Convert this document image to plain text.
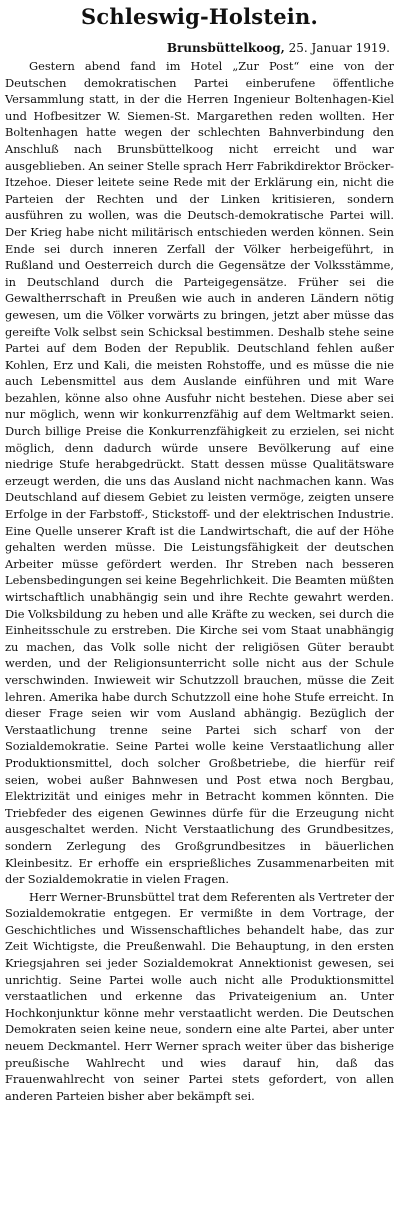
Schleswig-Holstein.
Brunsbüttelkoog, 25. Januar 1919.

Gestern abend fand im Hotel „Zur Post“ eine von der Deutschen demokratischen Partei einberufene öffentliche Versammlung statt, in der die Herren Ingenieur Boltenhagen-Kiel und Hofbesitzer W. Siemen-St. Margarethen reden wollten. Her Boltenhagen hatte wegen der schlechten Bahnverbindung den Anschluß nach Brunsbüttelkoog nicht erreicht und war ausgeblieben. An seiner Stelle sprach Herr Fabrikdirektor Bröcker-Itzehoe. Dieser leitete seine Rede mit der Erklärung ein, nicht die Parteien der Rechten und der Linken kritisieren, sondern ausführen zu wollen, was die Deutsch-demokratische Partei will. Der Krieg habe nicht militärisch entschieden werden können. Sein Ende sei durch inneren Zerfall der Völker herbeigeführt, in Rußland und Oesterreich durch die Gegensätze der Volksstämme, in Deutschland durch die Parteigegensätze. Früher sei die Gewaltherrschaft in Preußen wie auch in anderen Ländern nötig gewesen, um die Völker vorwärts zu bringen, jetzt aber müsse das gereifte Volk selbst sein Schicksal bestimmen. Deshalb stehe seine Partei auf dem Boden der Republik. Deutschland fehlen außer Kohlen, Erz und Kali, die meisten Rohstoffe, und es müsse die nie auch Lebensmittel aus dem Auslande einführen und mit Ware bezahlen, könne also ohne Ausfuhr nicht bestehen. Diese aber sei nur möglich, wenn wir konkurrenzfähig auf dem Weltmarkt seien. Durch billige Preise die Konkurrenzfähigkeit zu erzielen, sei nicht möglich, denn dadurch würde unsere Bevölkerung auf eine niedrige Stufe herabgedrückt. Statt dessen müsse Qualitätsware erzeugt werden, die uns das Ausland nicht nachmachen kann. Was Deutschland auf diesem Gebiet zu leisten vermöge, zeigten unsere Erfolge in der Farbstoff-, Stickstoff- und der elektrischen Industrie. Eine Quelle unserer Kraft ist die Landwirtschaft, die auf der Höhe gehalten werden müsse. Die Leistungsfähigkeit der deutschen Arbeiter müsse gefördert werden. Ihr Streben nach besseren Lebensbedingungen sei keine Begehrlichkeit. Die Beamten müßten wirtschaftlich unabhängig sein und ihre Rechte gewahrt werden. Die Volksbildung zu heben und alle Kräfte zu wecken, sei durch die Einheitsschule zu erstreben. Die Kirche sei vom Staat unabhängig zu machen, das Volk solle nicht der religiösen Güter beraubt werden, und der Religionsunterricht solle nicht aus der Schule verschwinden. Inwieweit wir Schutzzoll brauchen, müsse die Zeit lehren. Amerika habe durch Schutzzoll eine hohe Stufe erreicht. In dieser Frage seien wir vom Ausland abhängig. Bezüglich der Verstaatlichung trenne seine Partei sich scharf von der Sozialdemokratie. Seine Partei wolle keine Verstaatlichung aller Produktionsmittel, doch solcher Großbetriebe, die hierfür reif seien, wobei außer Bahnwesen und Post etwa noch Bergbau, Elektrizität und einiges mehr in Betracht kommen könnten. Die Triebfeder des eigenen Gewinnes dürfe für die Erzeugung nicht ausgeschaltet werden. Nicht Verstaatlichung des Grundbesitzes, sondern Zerlegung des Großgrundbesitzes in bäuerlichen Kleinbesitz. Er erhoffe ein ersprießliches Zusammenarbeiten mit der Sozialdemokratie in vielen Fragen.

Herr Werner-Brunsbüttel trat dem Referenten als Vertreter der Sozialdemokratie entgegen. Er vermißte in dem Vortrage, der Geschichtliches und Wissenschaftliches behandelt habe, das zur Zeit Wichtigste, die Preußenwahl. Die Behauptung, in den ersten Kriegsjahren sei jeder Sozialdemokrat Annektionist gewesen, sei unrichtig. Seine Partei wolle auch nicht alle Produktionsmittel verstaatlichen und erkenne das Privateigenium an. Unter Hochkonjunktur könne mehr verstaatlicht werden. Die Deutschen Demokraten seien keine neue, sondern eine alte Partei, aber unter neuem Deckmantel. Herr Werner sprach weiter über das bisherige preußische Wahlrecht und wies darauf hin, daß das Frauenwahlrecht von seiner Partei stets gefordert, von allen anderen Parteien bisher aber bekämpft sei.
